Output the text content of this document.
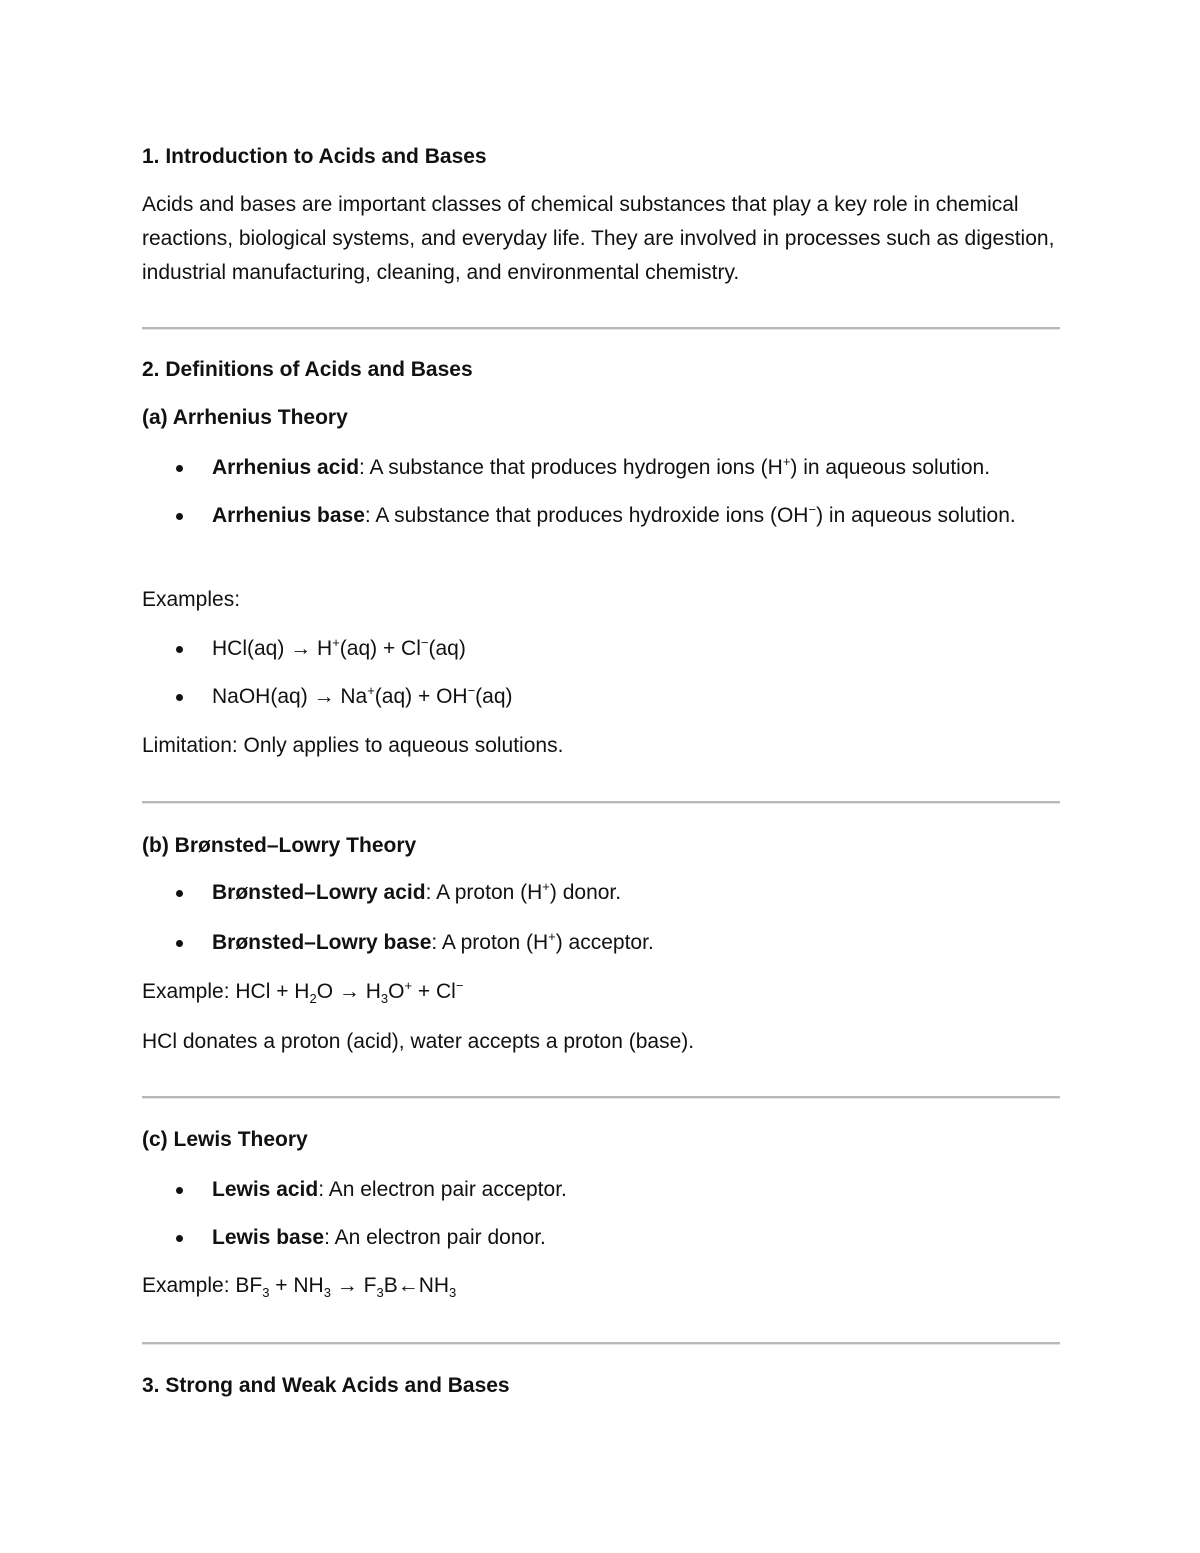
1. Introduction to Acids and Bases
Acids and bases are important classes of chemical substances that play a key role in chemical reactions, biological systems, and everyday life. They are involved in processes such as digestion, industrial manufacturing, cleaning, and environmental chemistry.
2. Definitions of Acids and Bases
(a) Arrhenius Theory
Arrhenius acid: A substance that produces hydrogen ions (H+) in aqueous solution.
Arrhenius base: A substance that produces hydroxide ions (OH−) in aqueous solution.
Examples:
HCl(aq) → H+(aq) + Cl−(aq)
NaOH(aq) → Na+(aq) + OH−(aq)
Limitation: Only applies to aqueous solutions.
(b) Brønsted–Lowry Theory
Brønsted–Lowry acid: A proton (H+) donor.
Brønsted–Lowry base: A proton (H+) acceptor.
Example: HCl + $H_2O \to H_3O^+ + Cl^-$
HCl donates a proton (acid), water accepts a proton (base).
(c) Lewis Theory
Lewis acid: An electron pair acceptor.
Lewis base: An electron pair donor.
Example: $BF_3 + NH_3$ → $F_3B\leftarrow NH_3$
3. Strong and Weak Acids and Bases
